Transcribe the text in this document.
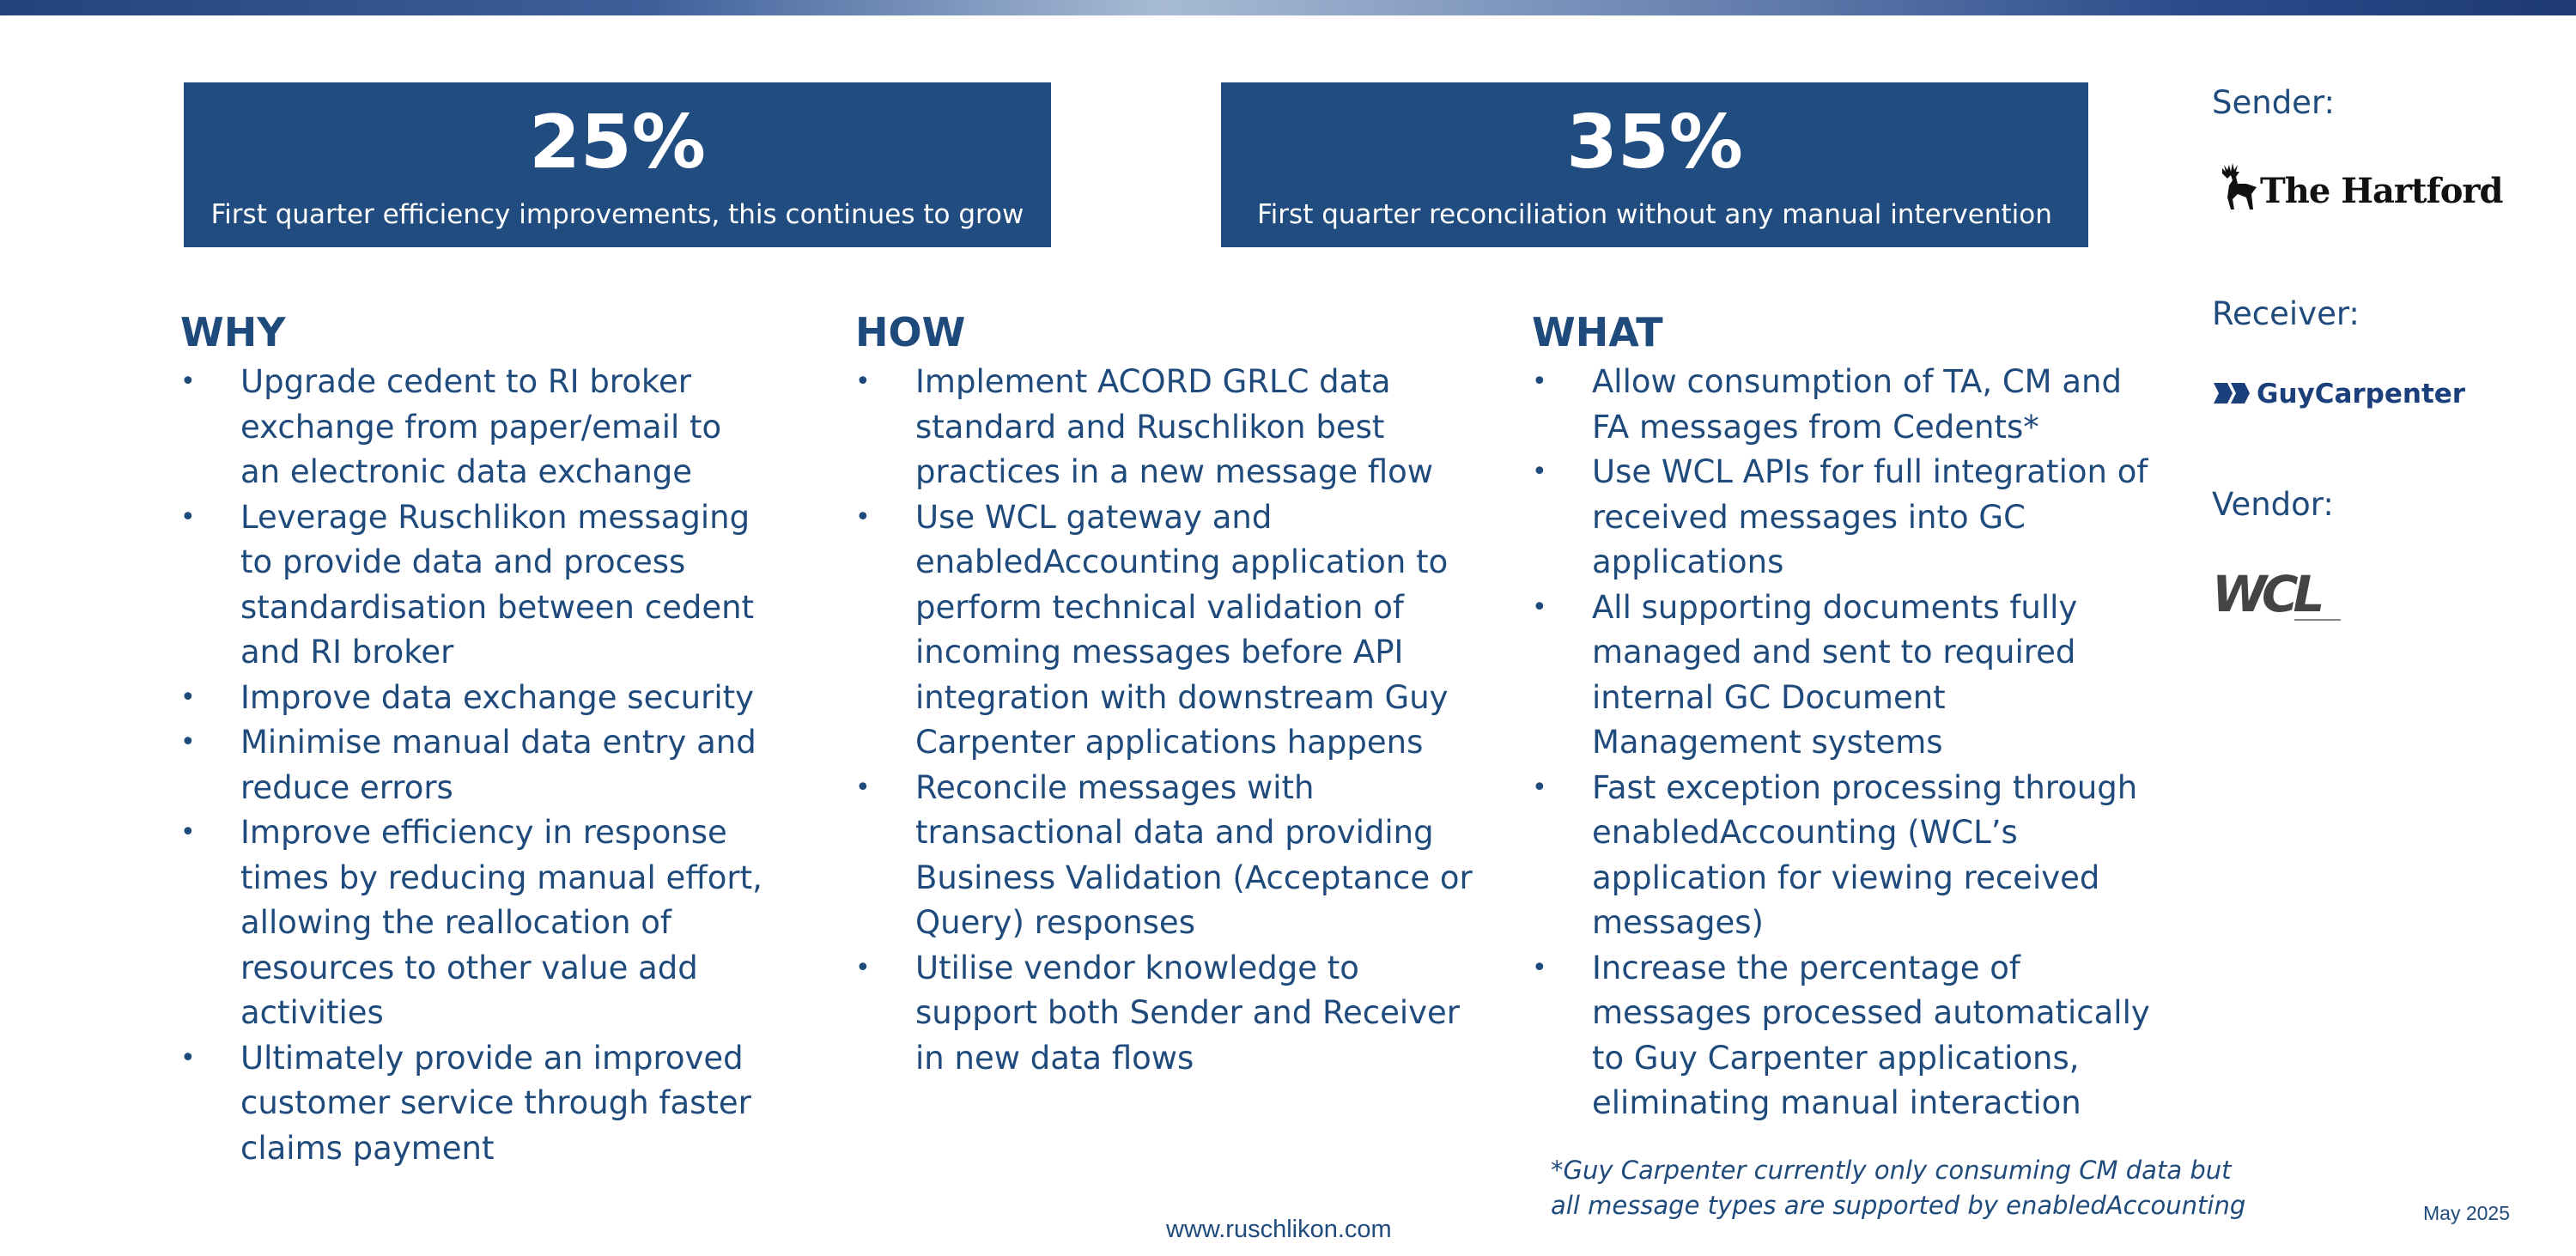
25%
First quarter efficiency improvements, this continues to grow
35%
First quarter reconciliation without any manual intervention
WHY
•	Upgrade cedent to RI broker exchange from paper/email to an electronic data exchange
•	Leverage Ruschlikon messaging to provide data and process standardisation between cedent and RI broker
•	Improve data exchange security
•	Minimise manual data entry and reduce errors
•	Improve efficiency in response times by reducing manual effort, allowing the reallocation of resources to other value add activities
•	Ultimately provide an improved customer service through faster claims payment
HOW
•	Implement ACORD GRLC data standard and Ruschlikon best practices in a new message flow
•	Use WCL gateway and enabledAccounting application to perform technical validation of incoming messages before API integration with downstream Guy Carpenter applications happens
•	Reconcile messages with transactional data and providing Business Validation (Acceptance or Query) responses
•	Utilise vendor knowledge to support both Sender and Receiver in new data flows
WHAT
•	Allow consumption of TA, CM and FA messages from Cedents*
•	Use WCL APIs for full integration of received messages into GC applications
•	All supporting documents fully managed and sent to required internal GC Document Management systems
•	Fast exception processing through enabledAccounting (WCL’s application for viewing received messages)
•	Increase the percentage of messages processed automatically to Guy Carpenter applications, eliminating manual interaction
*Guy Carpenter currently only consuming CM data but
all message types are supported by enabledAccounting
www.ruschlikon.com
May 2025
Sender:
The Hartford
Receiver:
GuyCarpenter
Vendor:
WCL
